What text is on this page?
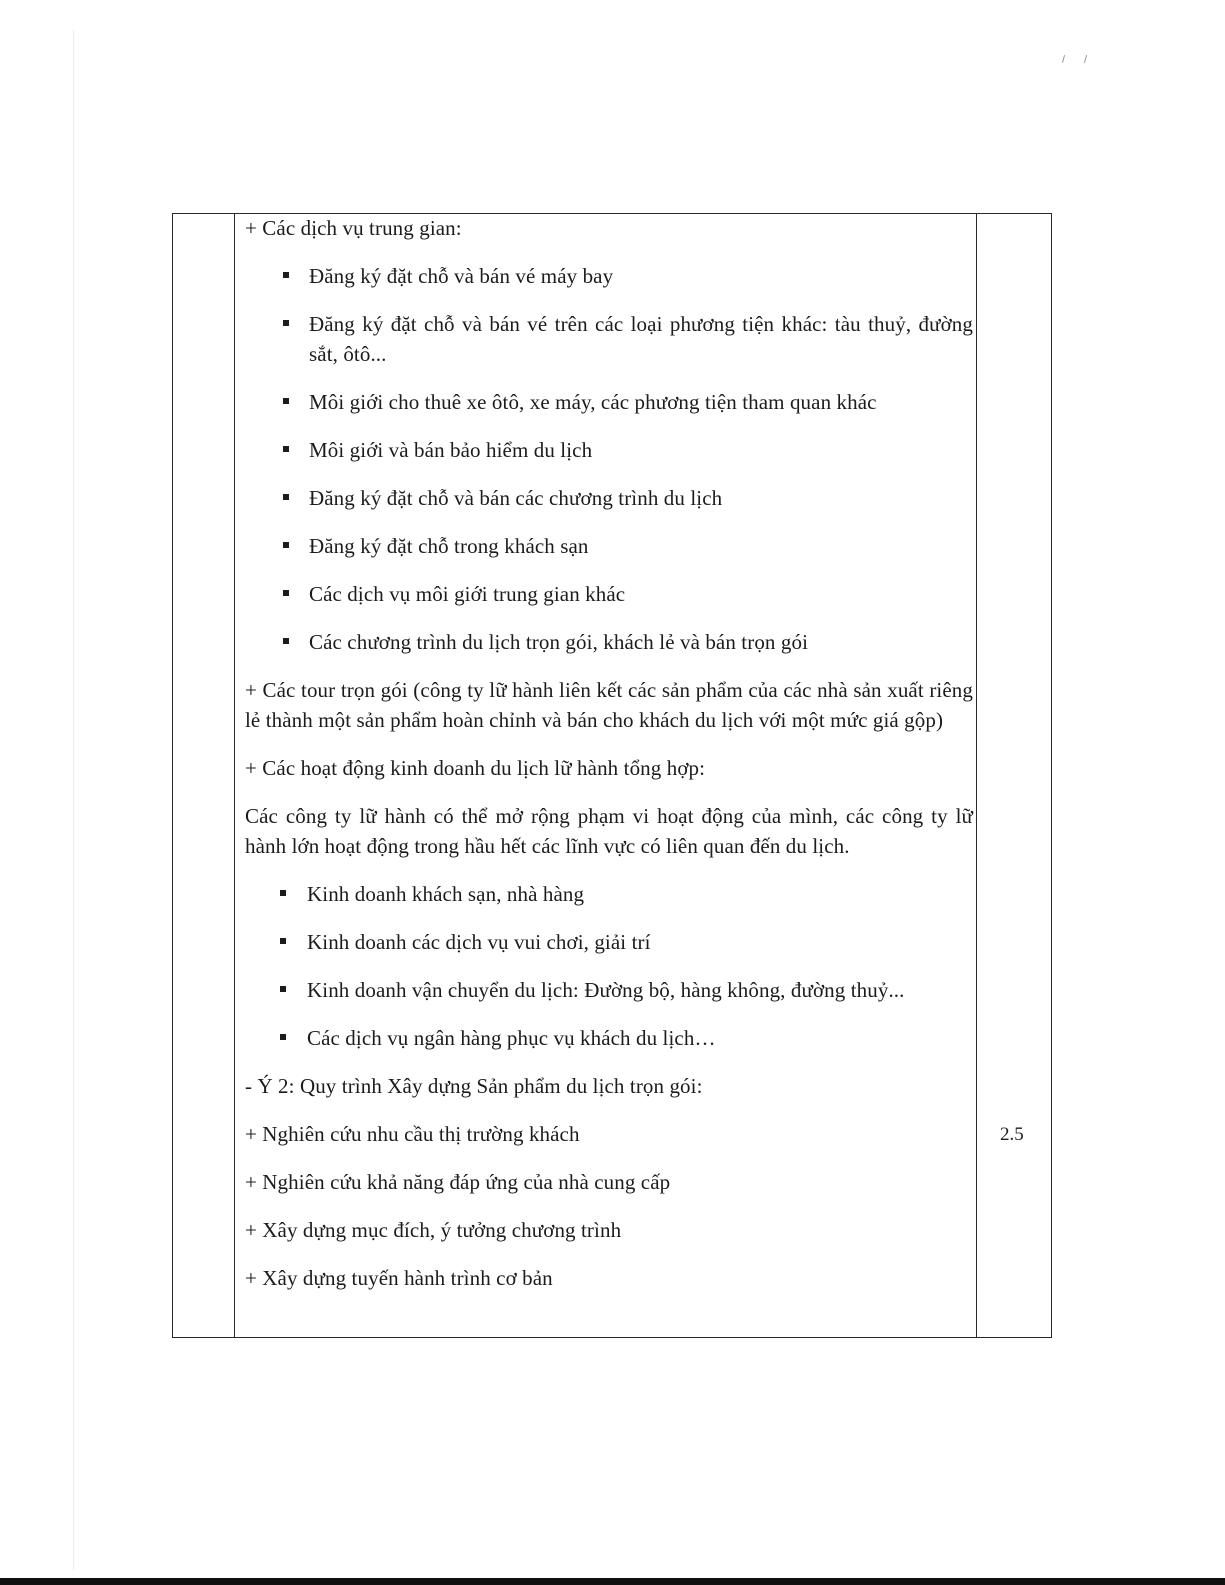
+ Các dịch vụ trung gian:

Đăng ký đặt chỗ và bán vé máy bay
Đăng ký đặt chỗ và bán vé trên các loại phương tiện khác: tàu thuỷ, đường sắt, ôtô...
Môi giới cho thuê xe ôtô, xe máy, các phương tiện tham quan khác
Môi giới và bán bảo hiểm du lịch
Đăng ký đặt chỗ và bán các chương trình du lịch
Đăng ký đặt chỗ trong khách sạn
Các dịch vụ môi giới trung gian khác
Các chương trình du lịch trọn gói, khách lẻ và bán trọn gói

+ Các tour trọn gói (công ty lữ hành liên kết các sản phẩm của các nhà sản xuất riêng lẻ thành một sản phẩm hoàn chỉnh và bán cho khách du lịch với một mức giá gộp)

+ Các hoạt động kinh doanh du lịch lữ hành tổng hợp:

Các công ty lữ hành có thể mở rộng phạm vi hoạt động của mình, các công ty lữ hành lớn hoạt động trong hầu hết các lĩnh vực có liên quan đến du lịch.

Kinh doanh khách sạn, nhà hàng
Kinh doanh các dịch vụ vui chơi, giải trí
Kinh doanh vận chuyển du lịch: Đường bộ, hàng không, đường thuỷ...
Các dịch vụ ngân hàng phục vụ khách du lịch…

- Ý 2: Quy trình Xây dựng Sản phẩm du lịch trọn gói:

+ Nghiên cứu nhu cầu thị trường khách

+ Nghiên cứu khả năng đáp ứng của nhà cung cấp

+ Xây dựng mục đích, ý tưởng chương trình

+ Xây dựng tuyến hành trình cơ bản

2.5
